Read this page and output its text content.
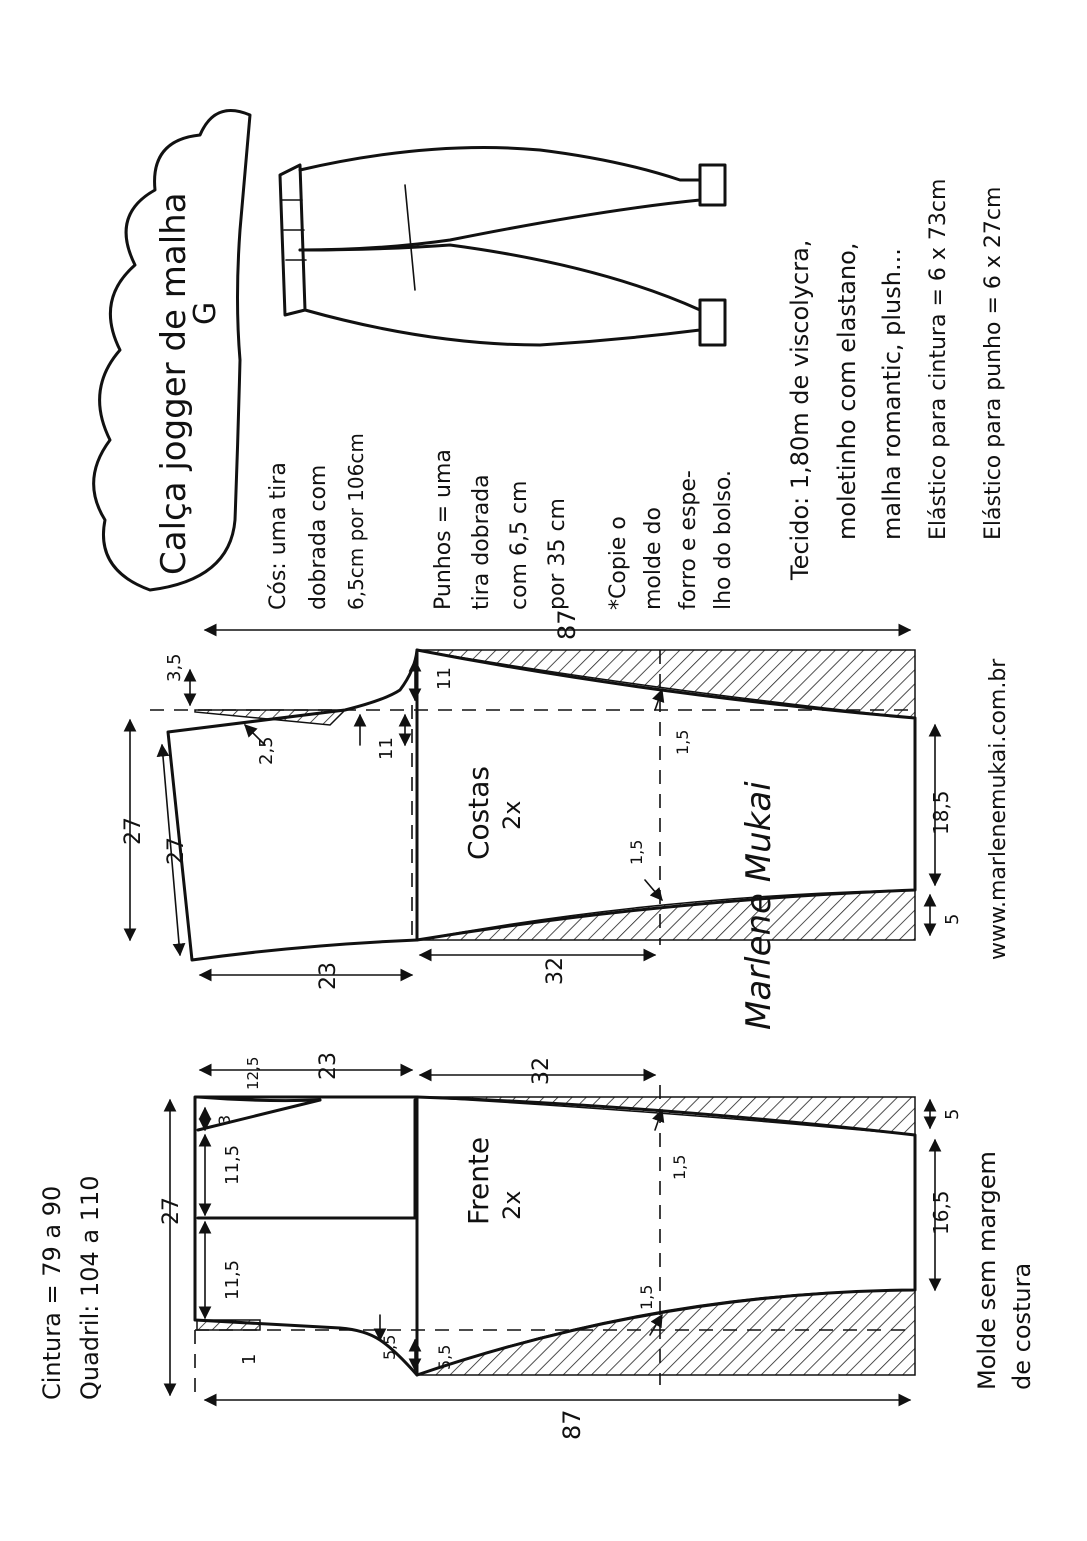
Frente 2x
87
27
11,5
11,5
3
12,5 23	32
5
16,5
1,5
1,5
5,5 5,5
1
Costas 2x
87
27
27
3,5
2,5	11
11
23	32
5
18,5
1,5
1,5
Calça jogger de malha
G
Cintura = 79 a 90 Quadril: 104 a 110	Molde sem margem de costura
www.marlenemukai.com.br
Marlene Mukai
Cós: uma tira dobrada com 6,5cm por 106cm	Punhos = uma tira dobrada com 6,5 cm por 35 cm *Copie o molde do forro e espe- lho do bolso. Tecido: 1,80m de viscolycra, moletinho com elastano, malha romantic, plush... Elástico para cintura = 6 x 73cm Elástico para punho = 6 x 27cm
